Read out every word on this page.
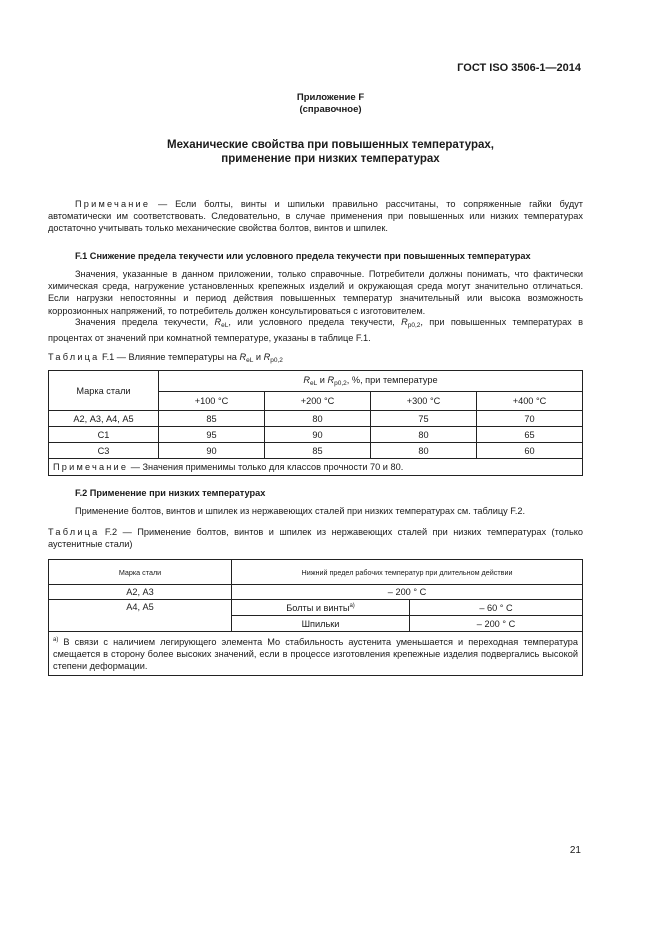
ГОСТ ISO 3506-1—2014
Приложение F
(справочное)
Механические свойства при повышенных температурах,
применение при низких температурах

Примечание — Если болты, винты и шпильки правильно рассчитаны, то сопряженные гайки будут автоматически им соответствовать. Следовательно, в случае применения при повышенных или низких температурах достаточно учитывать только механические свойства болтов, винтов и шпилек.

F.1 Снижение предела текучести или условного предела текучести при повышенных температурах

Значения, указанные в данном приложении, только справочные. Потребители должны понимать, что фактически химическая среда, нагружение установленных крепежных изделий и окружающая среда могут значительно отличаться. Если нагрузки непостоянны и период действия повышенных температур значительный или высока возможность коррозионных напряжений, то потребитель должен консультироваться с изготовителем.

Значения предела текучести, $R_{eL}$, или условного предела текучести, $R_{p0,2}$, при повышенных температурах в процентах от значений при комнатной температуре, указаны в таблице F.1.

Таблица F.1 — Влияние температуры на $R_{eL}$ и $R_{p0,2}$

Марка стали	$R_{eL}$ и $R_{p0,2}$, %, при температуре			
	+100 °С	+200 °С	+300 °С	+400 °С
А2, А3, А4, А5	85	80	75	70
С1	95	90	80	65
С3	90	85	80	60
Примечание — Значения применимы только для классов прочности 70 и 80.				

F.2 Применение при низких температурах

Применение болтов, винтов и шпилек из нержавеющих сталей при низких температурах см. таблицу F.2.

Таблица F.2 — Применение болтов, винтов и шпилек из нержавеющих сталей при низких температурах (только аустенитные стали)

Марка стали	Нижний предел рабочих температур при длительном действии	
А2, А3	– 200 ° С	
А4, А5	Болты и винты$^{a)}$	– 60 ° С
	Шпильки	– 200 ° С
$^{a)}$ В связи с наличием легирующего элемента Мо стабильность аустенита уменьшается и переходная температура смещается в сторону более высоких значений, если в процессе изготовления крепежные изделия подвергались высокой степени деформации.		
21
